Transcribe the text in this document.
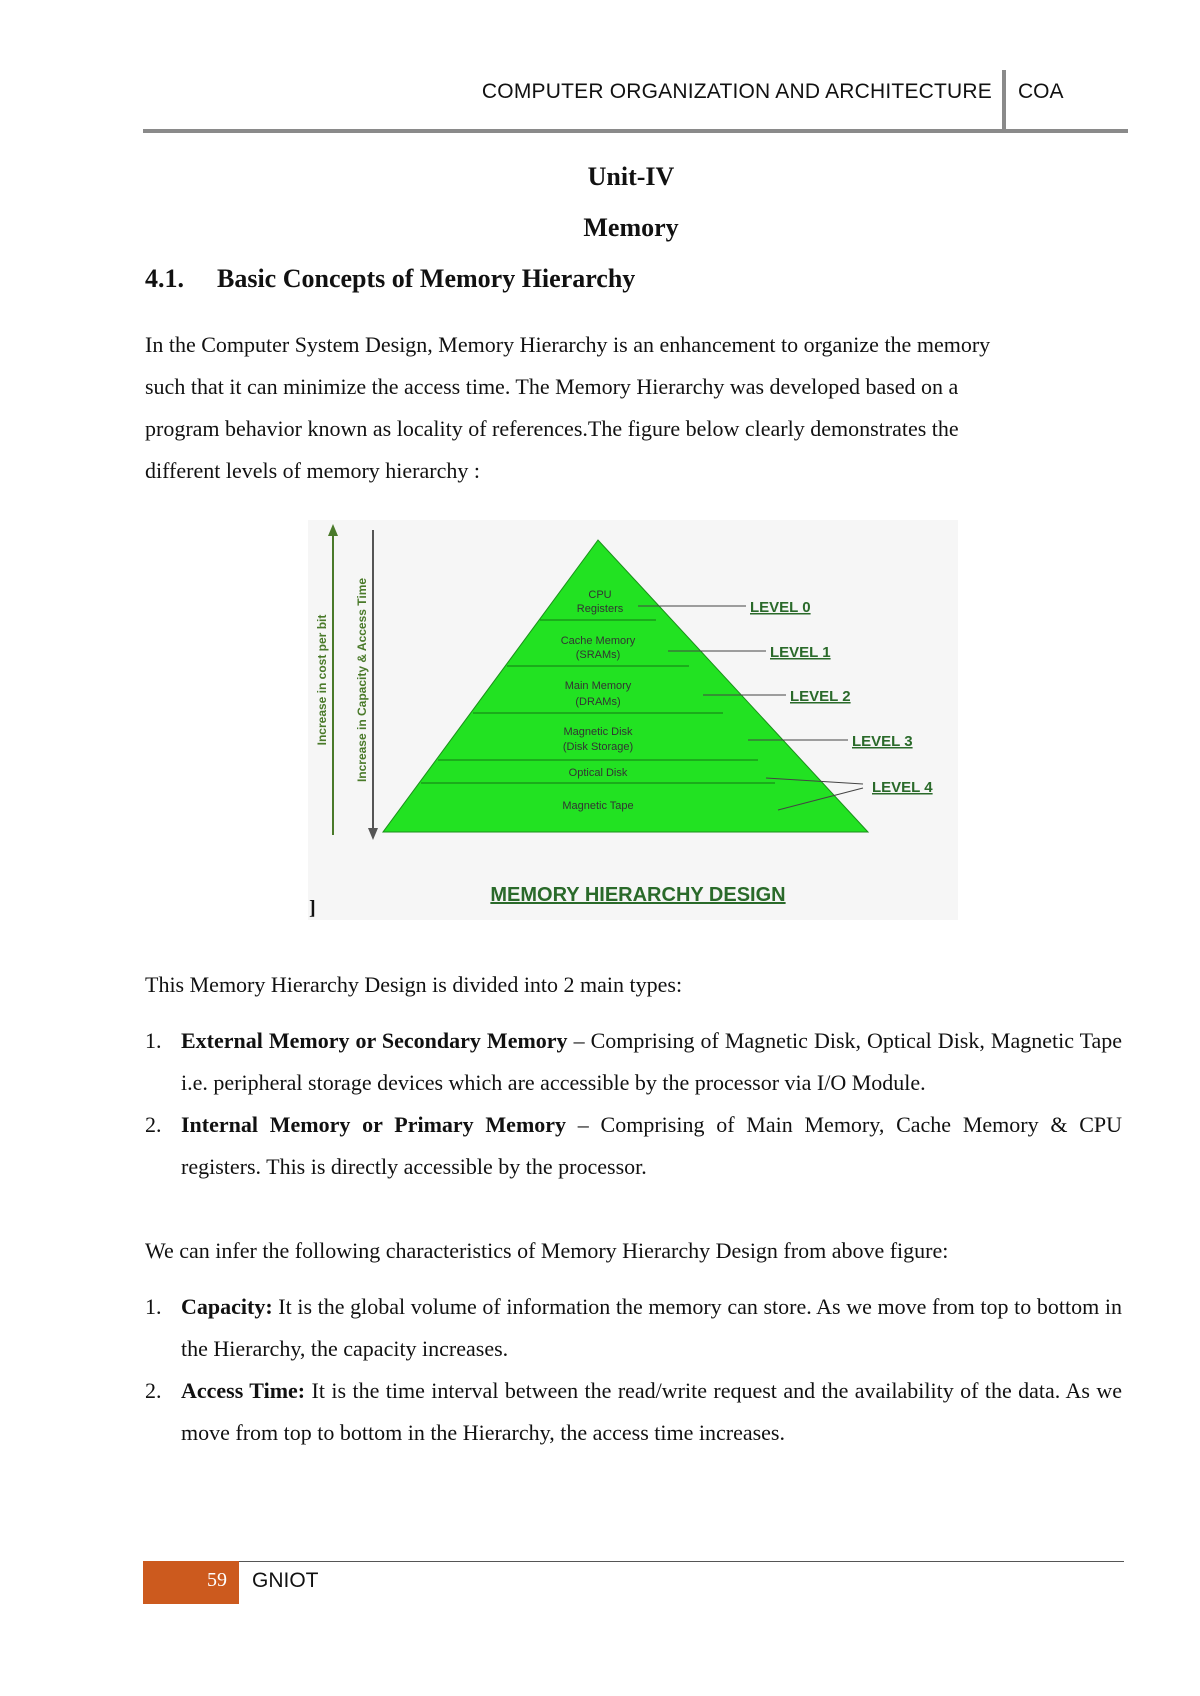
COMPUTER ORGANIZATION AND ARCHITECTURE COA
Unit-IV
Memory
4.1. Basic Concepts of Memory Hierarchy
In the Computer System Design, Memory Hierarchy is an enhancement to organize the memory
such that it can minimize the access time. The Memory Hierarchy was developed based on a
program behavior known as locality of references.The figure below clearly demonstrates the
different levels of memory hierarchy :
Increase in cost per bit Increase in Capacity & Access Time	CPU
Registers
Cache Memory
(SRAMs)
Main Memory
(DRAMs)
Magnetic Disk
(Disk Storage)
Optical Disk
Magnetic Tape
LEVEL 0
LEVEL 1
LEVEL 2
LEVEL 3
LEVEL 4
MEMORY HIERARCHY DESIGN
]
This Memory Hierarchy Design is divided into 2 main types:
1. External Memory or Secondary Memory – Comprising of Magnetic Disk, Optical Disk, Magnetic Tape i.e. peripheral storage devices which are accessible by the processor via I/O Module.
2. Internal Memory or Primary Memory – Comprising of Main Memory, Cache Memory & CPU registers. This is directly accessible by the processor.
We can infer the following characteristics of Memory Hierarchy Design from above figure:
1. Capacity: It is the global volume of information the memory can store. As we move from top to bottom in the Hierarchy, the capacity increases.
2. Access Time: It is the time interval between the read/write request and the availability of the data. As we move from top to bottom in the Hierarchy, the access time increases.
59 GNIOT
